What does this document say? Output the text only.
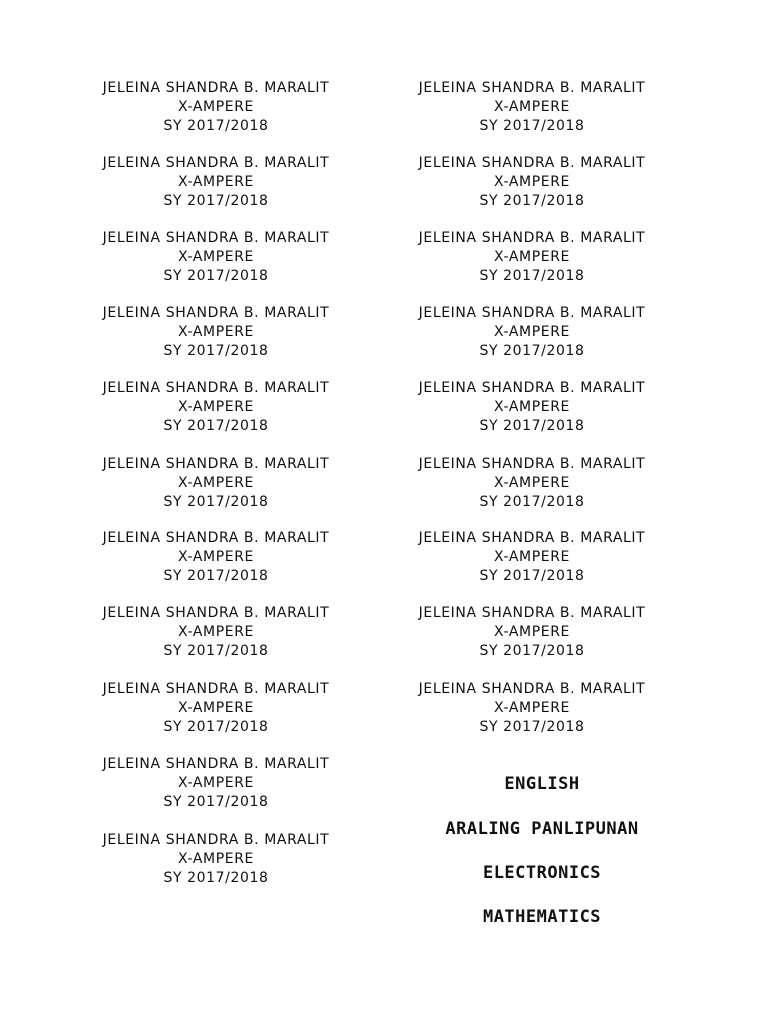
JELEINA SHANDRA B. MARALIT
X-AMPERE
SY 2017/2018
JELEINA SHANDRA B. MARALIT
X-AMPERE
SY 2017/2018
JELEINA SHANDRA B. MARALIT
X-AMPERE
SY 2017/2018
JELEINA SHANDRA B. MARALIT
X-AMPERE
SY 2017/2018
JELEINA SHANDRA B. MARALIT
X-AMPERE
SY 2017/2018
JELEINA SHANDRA B. MARALIT
X-AMPERE
SY 2017/2018
JELEINA SHANDRA B. MARALIT
X-AMPERE
SY 2017/2018
JELEINA SHANDRA B. MARALIT
X-AMPERE
SY 2017/2018
JELEINA SHANDRA B. MARALIT
X-AMPERE
SY 2017/2018
JELEINA SHANDRA B. MARALIT
X-AMPERE
SY 2017/2018
JELEINA SHANDRA B. MARALIT
X-AMPERE
SY 2017/2018
JELEINA SHANDRA B. MARALIT
X-AMPERE
SY 2017/2018
JELEINA SHANDRA B. MARALIT
X-AMPERE
SY 2017/2018
JELEINA SHANDRA B. MARALIT
X-AMPERE
SY 2017/2018
JELEINA SHANDRA B. MARALIT
X-AMPERE
SY 2017/2018
JELEINA SHANDRA B. MARALIT
X-AMPERE
SY 2017/2018
JELEINA SHANDRA B. MARALIT
X-AMPERE
SY 2017/2018
JELEINA SHANDRA B. MARALIT
X-AMPERE
SY 2017/2018
JELEINA SHANDRA B. MARALIT
X-AMPERE
SY 2017/2018
JELEINA SHANDRA B. MARALIT
X-AMPERE
SY 2017/2018
ENGLISH
ARALING PANLIPUNAN
ELECTRONICS
MATHEMATICS
